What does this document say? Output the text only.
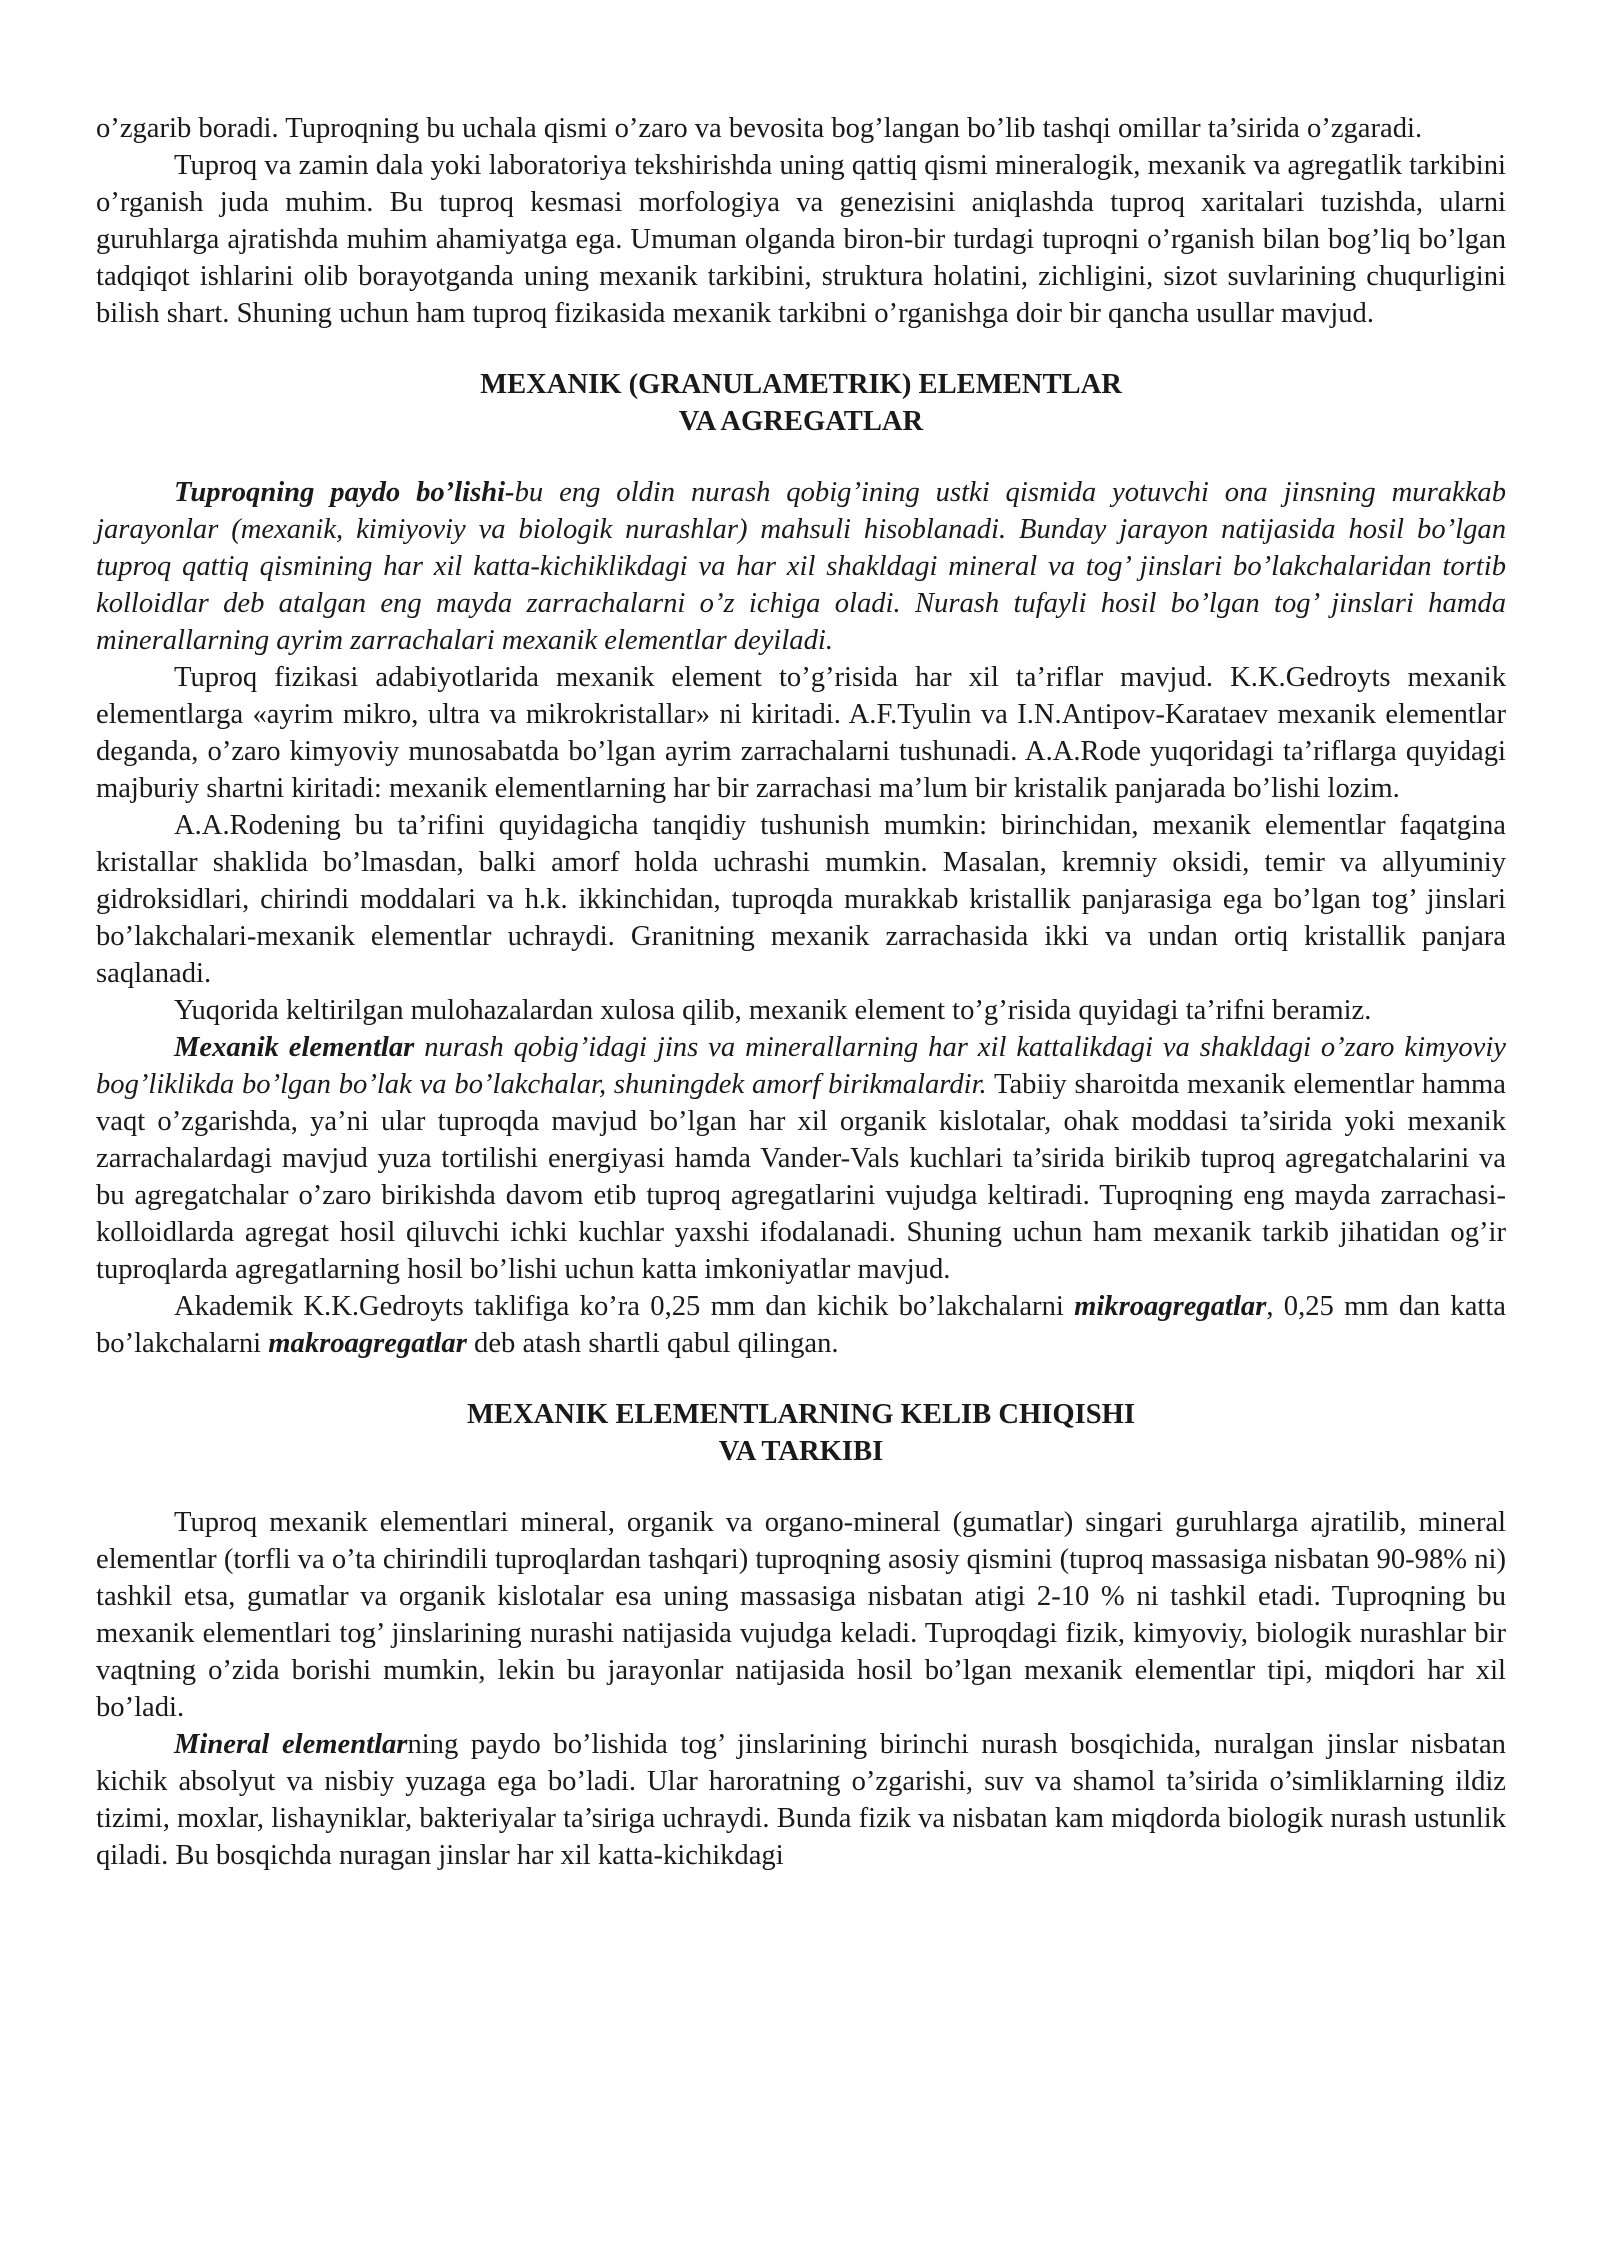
o’zgarib boradi. Tuproqning bu uchala qismi o’zaro va bevosita bog’langan bo’lib tashqi omillar ta’sirida o’zgaradi.

Tuproq va zamin dala yoki laboratoriya tekshirishda uning qattiq qismi mineralogik, mexanik va agregatlik tarkibini o’rganish juda muhim. Bu tuproq kesmasi morfologiya va genezisini aniqlashda tuproq xaritalari tuzishda, ularni guruhlarga ajratishda muhim ahamiyatga ega. Umuman olganda biron-bir turdagi tuproqni o’rganish bilan bog’liq bo’lgan tadqiqot ishlarini olib borayotganda uning mexanik tarkibini, struktura holatini, zichligini, sizot suvlarining chuqurligini bilish shart. Shuning uchun ham tuproq fizikasida mexanik tarkibni o’rganishga doir bir qancha usullar mavjud.

MEXANIK (GRANULAMETRIK) ELEMENTLAR
VA AGREGATLAR

Tuproqning paydo bo’lishi-bu eng oldin nurash qobig’ining ustki qismida yotuvchi ona jinsning murakkab jarayonlar (mexanik, kimiyoviy va biologik nurashlar) mahsuli hisoblanadi. Bunday jarayon natijasida hosil bo’lgan tuproq qattiq qismining har xil katta-kichiklikdagi va har xil shakldagi mineral va tog’ jinslari bo’lakchalaridan tortib kolloidlar deb atalgan eng mayda zarrachalarni o’z ichiga oladi. Nurash tufayli hosil bo’lgan tog’ jinslari hamda minerallarning ayrim zarrachalari mexanik elementlar deyiladi.

Tuproq fizikasi adabiyotlarida mexanik element to’g’risida har xil ta’riflar mavjud. K.K.Gedroyts mexanik elementlarga «ayrim mikro, ultra va mikrokristallar» ni kiritadi. A.F.Tyulin va I.N.Antipov-Karataev mexanik elementlar deganda, o’zaro kimyoviy munosabatda bo’lgan ayrim zarrachalarni tushunadi. A.A.Rode yuqoridagi ta’riflarga quyidagi majburiy shartni kiritadi: mexanik elementlarning har bir zarrachasi ma’lum bir kristalik panjarada bo’lishi lozim.

A.A.Rodening bu ta’rifini quyidagicha tanqidiy tushunish mumkin: birinchidan, mexanik elementlar faqatgina kristallar shaklida bo’lmasdan, balki amorf holda uchrashi mumkin. Masalan, kremniy oksidi, temir va allyuminiy gidroksidlari, chirindi moddalari va h.k. ikkinchidan, tuproqda murakkab kristallik panjarasiga ega bo’lgan tog’ jinslari bo’lakchalari-mexanik elementlar uchraydi. Granitning mexanik zarrachasida ikki va undan ortiq kristallik panjara saqlanadi.

Yuqorida keltirilgan mulohazalardan xulosa qilib, mexanik element to’g’risida quyidagi ta’rifni beramiz.

Mexanik elementlar nurash qobig’idagi jins va minerallarning har xil kattalikdagi va shakldagi o’zaro kimyoviy bog’liklikda bo’lgan bo’lak va bo’lakchalar, shuningdek amorf birikmalardir. Tabiiy sharoitda mexanik elementlar hamma vaqt o’zgarishda, ya’ni ular tuproqda mavjud bo’lgan har xil organik kislotalar, ohak moddasi ta’sirida yoki mexanik zarrachalardagi mavjud yuza tortilishi energiyasi hamda Vander-Vals kuchlari ta’sirida birikib tuproq agregatchalarini va bu agregatchalar o’zaro birikishda davom etib tuproq agregatlarini vujudga keltiradi. Tuproqning eng mayda zarrachasi-kolloidlarda agregat hosil qiluvchi ichki kuchlar yaxshi ifodalanadi. Shuning uchun ham mexanik tarkib jihatidan og’ir tuproqlarda agregatlarning hosil bo’lishi uchun katta imkoniyatlar mavjud.

Akademik K.K.Gedroyts taklifiga ko’ra 0,25 mm dan kichik bo’lakchalarni mikroagregatlar, 0,25 mm dan katta bo’lakchalarni makroagregatlar deb atash shartli qabul qilingan.

MEXANIK ELEMENTLARNING KELIB CHIQISHI
VA TARKIBI

Tuproq mexanik elementlari mineral, organik va organo-mineral (gumatlar) singari guruhlarga ajratilib, mineral elementlar (torfli va o’ta chirindili tuproqlardan tashqari) tuproqning asosiy qismini (tuproq massasiga nisbatan 90-98% ni) tashkil etsa, gumatlar va organik kislotalar esa uning massasiga nisbatan atigi 2-10 % ni tashkil etadi. Tuproqning bu mexanik elementlari tog’ jinslarining nurashi natijasida vujudga keladi. Tuproqdagi fizik, kimyoviy, biologik nurashlar bir vaqtning o’zida borishi mumkin, lekin bu jarayonlar natijasida hosil bo’lgan mexanik elementlar tipi, miqdori har xil bo’ladi.

Mineral elementlarning paydo bo’lishida tog’ jinslarining birinchi nurash bosqichida, nuralgan jinslar nisbatan kichik absolyut va nisbiy yuzaga ega bo’ladi. Ular haroratning o’zgarishi, suv va shamol ta’sirida o’simliklarning ildiz tizimi, moxlar, lishayniklar, bakteriyalar ta’siriga uchraydi. Bunda fizik va nisbatan kam miqdorda biologik nurash ustunlik qiladi. Bu bosqichda nuragan jinslar har xil katta-kichikdagi
